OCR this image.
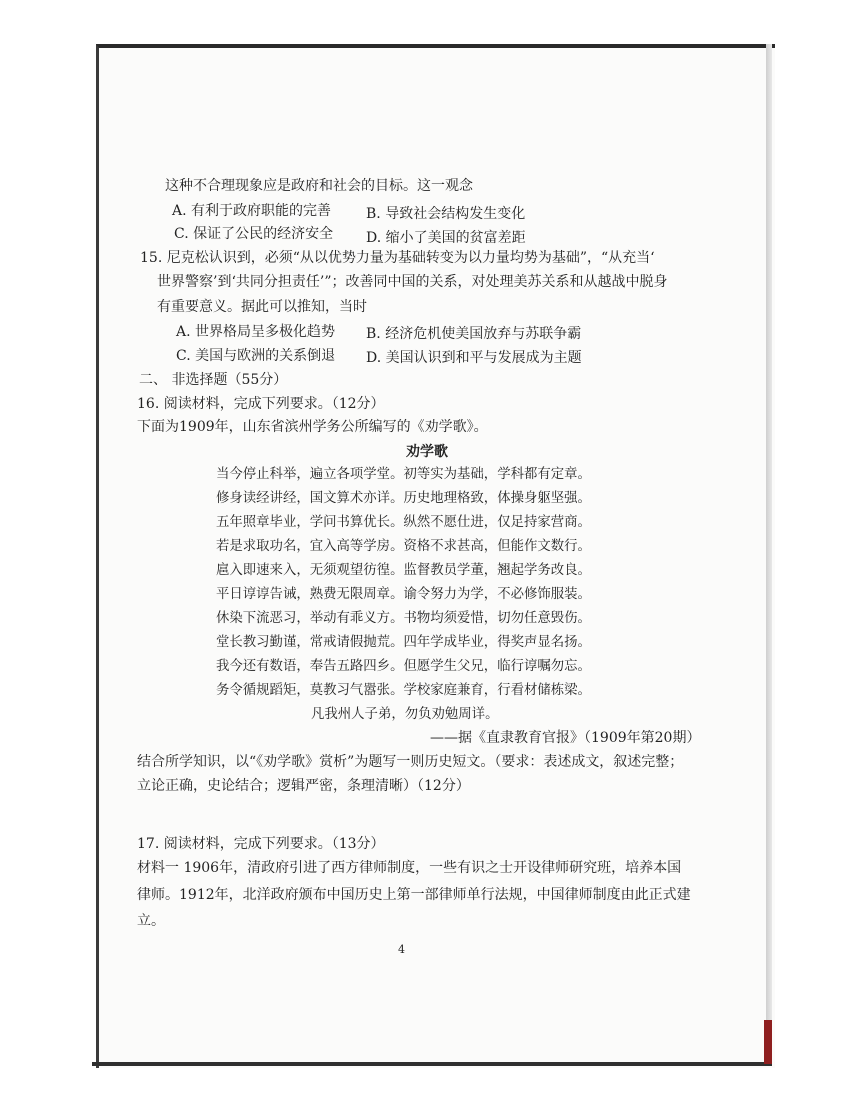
这种不合理现象应是政府和社会的目标。这一观念
A. 有利于政府职能的完善 B. 导致社会结构发生变化
C. 保证了公民的经济安全 D. 缩小了美国的贫富差距
15. 尼克松认识到，必须“从以优势力量为基础转变为以力量均势为基础”，“从充当‘
世界警察’到‘共同分担责任’”；改善同中国的关系，对处理美苏关系和从越战中脱身
有重要意义。据此可以推知，当时
A. 世界格局呈多极化趋势 B. 经济危机使美国放弃与苏联争霸
C. 美国与欧洲的关系倒退 D. 美国认识到和平与发展成为主题
二、 非选择题（55分）
16. 阅读材料，完成下列要求。（12分）
下面为1909年，山东省滨州学务公所编写的《劝学歌》。
劝学歌
当今停止科举，遍立各项学堂。初等实为基础，学科都有定章。
修身读经讲经，国文算术亦详。历史地理格致，体操身躯坚强。
五年照章毕业，学问书算优长。纵然不愿仕进，仅足持家营商。
若是求取功名，宜入高等学房。资格不求甚高，但能作文数行。
扈入即速来入，无须观望彷徨。监督教员学董，翘起学务改良。
平日谆谆告诫，熟费无限周章。谕令努力为学，不必修饰服装。
休染下流恶习，举动有乖义方。书物均须爱惜，切勿任意毁伤。
堂长教习勤谨，常戒请假抛荒。四年学成毕业，得奖声显名扬。
我今还有数语，奉告五路四乡。但愿学生父兄，临行谆嘱勿忘。
务令循规蹈矩，莫教习气嚣张。学校家庭兼育，行看材储栋梁。
凡我州人子弟，勿负劝勉周详。
——据《直隶教育官报》（1909年第20期）
结合所学知识，以“《劝学歌》赏析”为题写一则历史短文。（要求：表述成文，叙述完整；
立论正确，史论结合；逻辑严密，条理清晰）（12分）
17. 阅读材料，完成下列要求。（13分）
材料一 1906年，清政府引进了西方律师制度，一些有识之士开设律师研究班，培养本国
律师。1912年，北洋政府颁布中国历史上第一部律师单行法规，中国律师制度由此正式建
立。
4
